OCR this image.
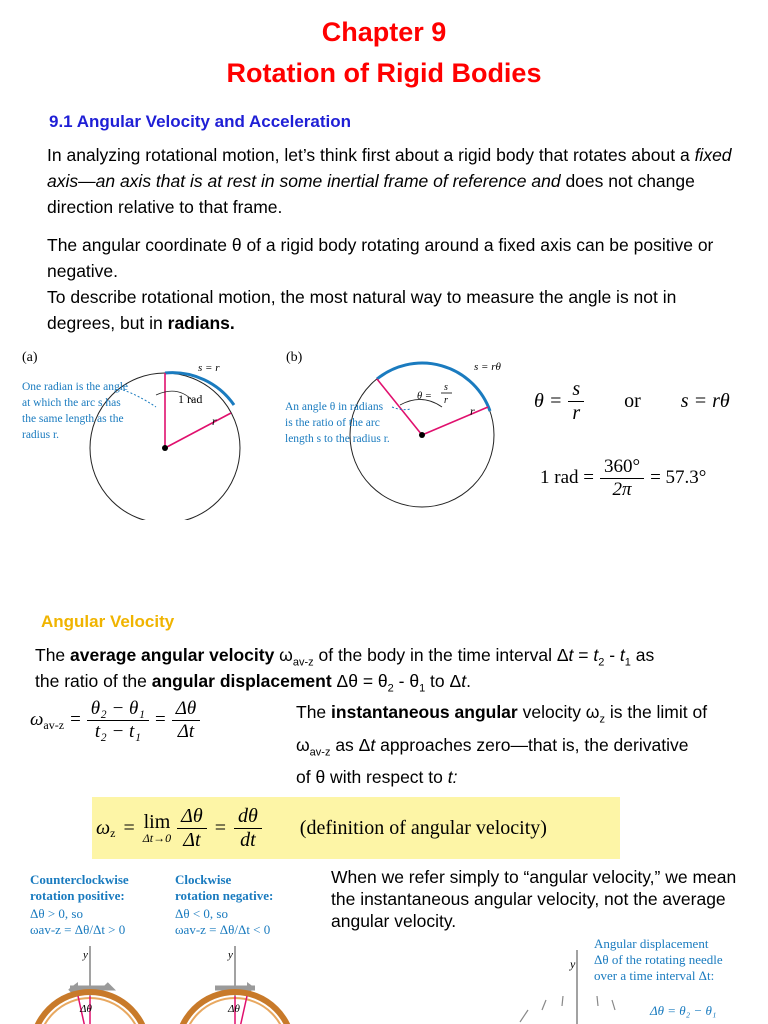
Chapter 9
Rotation of Rigid Bodies
9.1 Angular Velocity and Acceleration
In analyzing rotational motion, let’s think first about a rigid body that rotates about a fixed axis—an axis that is at rest in some inertial frame of reference and does not change direction relative to that frame.
The angular coordinate θ of a rigid body rotating around a fixed axis can be positive or negative.
To describe rotational motion, the most natural way to measure the angle is not in degrees, but in radians.
(a)
s = r
1 rad
r
One radian is the angle
at which the arc s has
the same length as the
radius r.
(b)
s = rθ
θ =
s
r
r
An angle θ in radians
is the ratio of the arc
length s to the radius r.
$\theta = \frac{s}{r}$ or s = rθ
1 rad = $\frac{360^\circ}{2\pi} = 57.3^\circ$
Angular Velocity
The average angular velocity $\omega_{av-z}$ of the body in the time interval $\Delta t = t_2 - t_1$ as
the ratio of the angular displacement $\Delta\theta = \theta_2 - \theta_1$ to Δt.
$\omega_{av-z} = \frac{\text{θ₂ − θ₁}}{\text{t₂ − t₁}} = \frac{\Delta\theta}{\Delta t}$	The instantaneous angular velocity $\omega_z$ is the limit of
$\omega_{av-z}$ as Δt approaches zero—that is, the derivative
of θ with respect to t:
$\omega_z = \lim$
$\Delta t\to 0 \frac{\Delta\theta}{\Delta t} = \frac{d\theta}{dt}$ (definition of angular velocity)
When we refer simply to “angular velocity,” we mean the instantaneous angular velocity, not the average angular velocity.
Counterclockwise
rotation positive:
Δθ > 0, so
ωav-z = Δθ/Δt > 0
Clockwise
rotation negative:
Δθ < 0, so
ωav-z = Δθ/Δt < 0
y
Δθ
y
Δθ
y
Angular displacement
Δθ of the rotating needle
over a time interval Δt:
Δθ = θ₂ − θ₁
